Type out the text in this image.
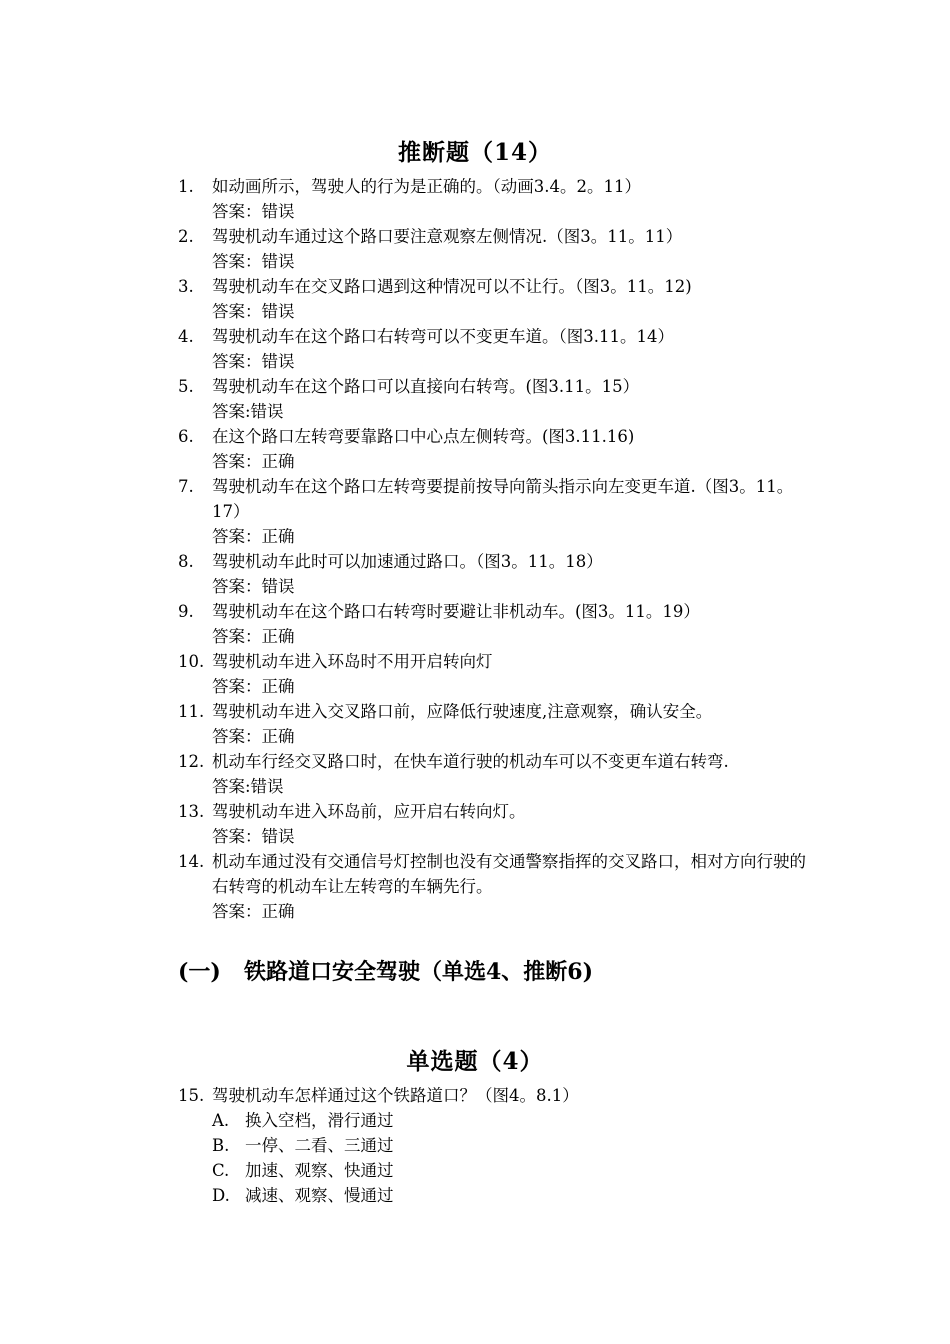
推断题（14）
1.	如动画所示，驾驶人的行为是正确的。（动画3.4。2。11）
答案：错误
2.	驾驶机动车通过这个路口要注意观察左侧情况.（图3。11。11）
答案：错误
3.	驾驶机动车在交叉路口遇到这种情况可以不让行。（图3。11。12)
答案：错误
4.	驾驶机动车在这个路口右转弯可以不变更车道。（图3.11。14）
答案：错误
5.	驾驶机动车在这个路口可以直接向右转弯。(图3.11。15）
答案:错误
6.	在这个路口左转弯要靠路口中心点左侧转弯。(图3.11.16)
答案：正确
7.	驾驶机动车在这个路口左转弯要提前按导向箭头指示向左变更车道.（图3。11。17）
答案：正确
8.	驾驶机动车此时可以加速通过路口。（图3。11。18）
答案：错误
9.	驾驶机动车在这个路口右转弯时要避让非机动车。(图3。11。19）
答案：正确
10. 驾驶机动车进入环岛时不用开启转向灯
答案：正确
11. 驾驶机动车进入交叉路口前，应降低行驶速度,注意观察，确认安全。
答案：正确
12. 机动车行经交叉路口时，在快车道行驶的机动车可以不变更车道右转弯.
答案:错误
13. 驾驶机动车进入环岛前，应开启右转向灯。
答案：错误
14. 机动车通过没有交通信号灯控制也没有交通警察指挥的交叉路口，相对方向行驶的右转弯的机动车让左转弯的车辆先行。
答案：正确
(一) 铁路道口安全驾驶（单选4、推断6)
单选题（4）
15. 驾驶机动车怎样通过这个铁路道口？（图4。8.1）
A. 换入空档，滑行通过
B. 一停、二看、三通过
C. 加速、观察、快通过
D. 减速、观察、慢通过
